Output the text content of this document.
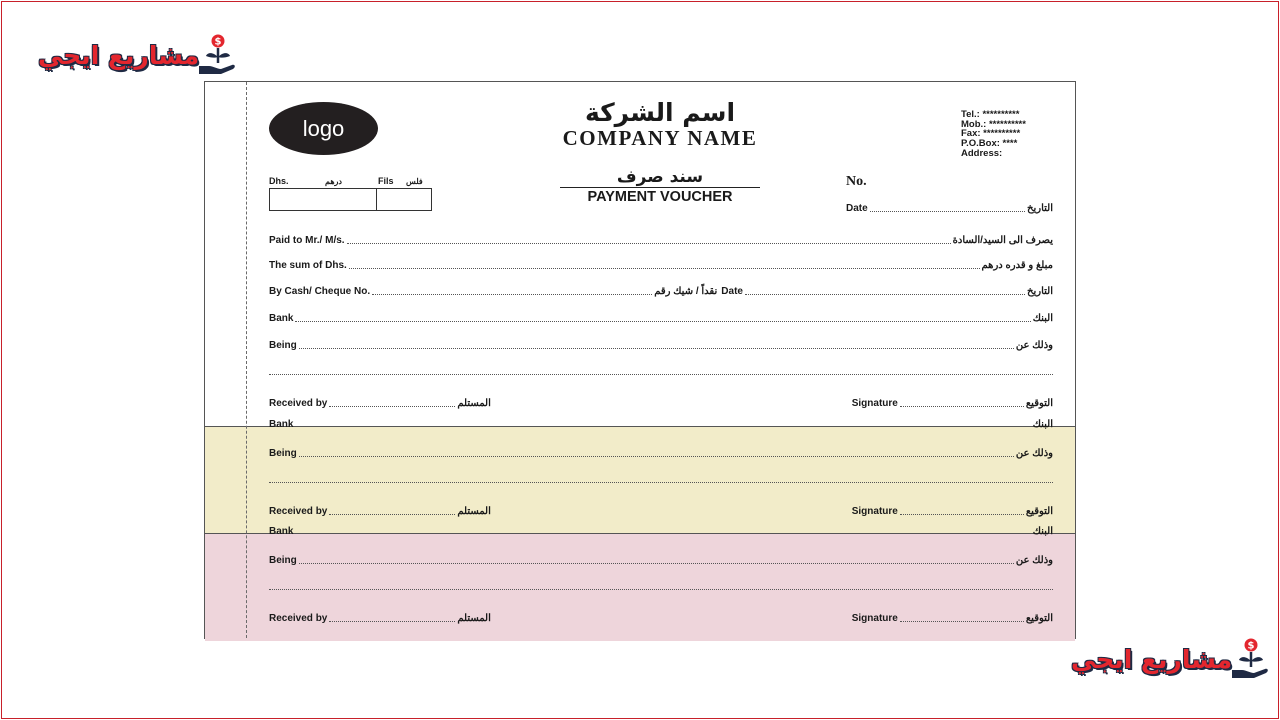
مشاريع ايجي $
logo
اسم الشركة
COMPANY NAME
Tel.: **********
Mob.: **********
Fax: **********
P.O.Box: ****
Address:
Dhs.	درهم	Fils فلس	سند صرف
PAYMENT VOUCHER
No.
Date	التاريخ
Paid to Mr./ M/s.	يصرف الى السيد/السادة
The sum of Dhs.	مبلغ و قدره درهم
By Cash/ Cheque No.	نقداً / شيك رقم Date	التاريخ
Bank	البنك
Being	وذلك عن
Received by	المستلم	Signature	التوقيع
Bank	البنك
Being	وذلك عن
Received by	المستلم	Signature	التوقيع
Bank	البنك
Being	وذلك عن
Received by	المستلم	Signature	التوقيع
مشاريع ايجي $
